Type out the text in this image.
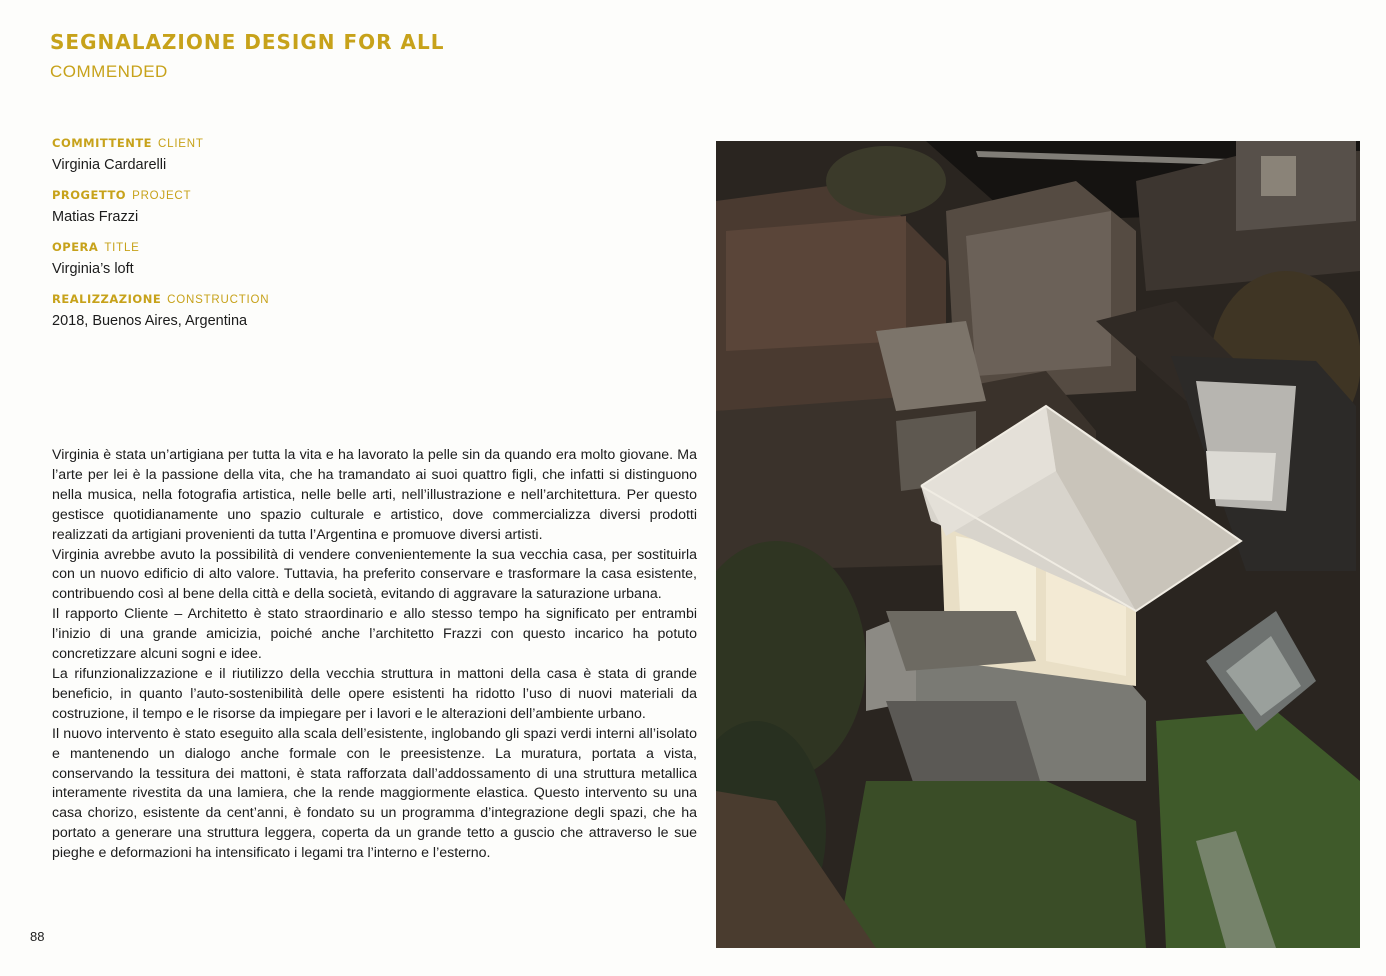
SEGNALAZIONE DESIGN FOR ALL
COMMENDED
COMMITTENTE CLIENT
Virginia Cardarelli
PROGETTO PROJECT
Matias Frazzi
OPERA TITLE
Virginia’s loft
REALIZZAZIONE CONSTRUCTION
2018, Buenos Aires, Argentina

Virginia è stata un’artigiana per tutta la vita e ha lavorato la pelle sin da quando era molto giovane. Ma l’arte per lei è la passione della vita, che ha tramandato ai suoi quattro figli, che infatti si distinguono nella musica, nella fotografia artistica, nelle belle arti, nell’illustrazione e nell’architettura. Per questo gestisce quotidianamente uno spazio culturale e artistico, dove commercializza diversi prodotti realizzati da artigiani provenienti da tutta l’Argentina e promuove diversi artisti.

Virginia avrebbe avuto la possibilità di vendere convenientemente la sua vecchia casa, per sostituirla con un nuovo edificio di alto valore. Tuttavia, ha preferito conservare e trasformare la casa esistente, contribuendo così al bene della città e della società, evitando di aggravare la saturazione urbana.

Il rapporto Cliente – Architetto è stato straordinario e allo stesso tempo ha significato per entrambi l’inizio di una grande amicizia, poiché anche l’architetto Frazzi con questo incarico ha potuto concretizzare alcuni sogni e idee.

La rifunzionalizzazione e il riutilizzo della vecchia struttura in mattoni della casa è stata di grande beneficio, in quanto l’auto-sostenibilità delle opere esistenti ha ridotto l’uso di nuovi materiali da costruzione, il tempo e le risorse da impiegare per i lavori e le alterazioni dell’ambiente urbano.

Il nuovo intervento è stato eseguito alla scala dell’esistente, inglobando gli spazi verdi interni all’isolato e mantenendo un dialogo anche formale con le preesistenze. La muratura, portata a vista, conservando la tessitura dei mattoni, è stata rafforzata dall’addossamento di una struttura metallica interamente rivestita da una lamiera, che la rende maggiormente elastica. Questo intervento su una casa chorizo, esistente da cent’anni, è fondato su un programma d’integrazione degli spazi, che ha portato a generare una struttura leggera, coperta da un grande tetto a guscio che attraverso le sue pieghe e deformazioni ha intensificato i legami tra l’interno e l’esterno.

88
